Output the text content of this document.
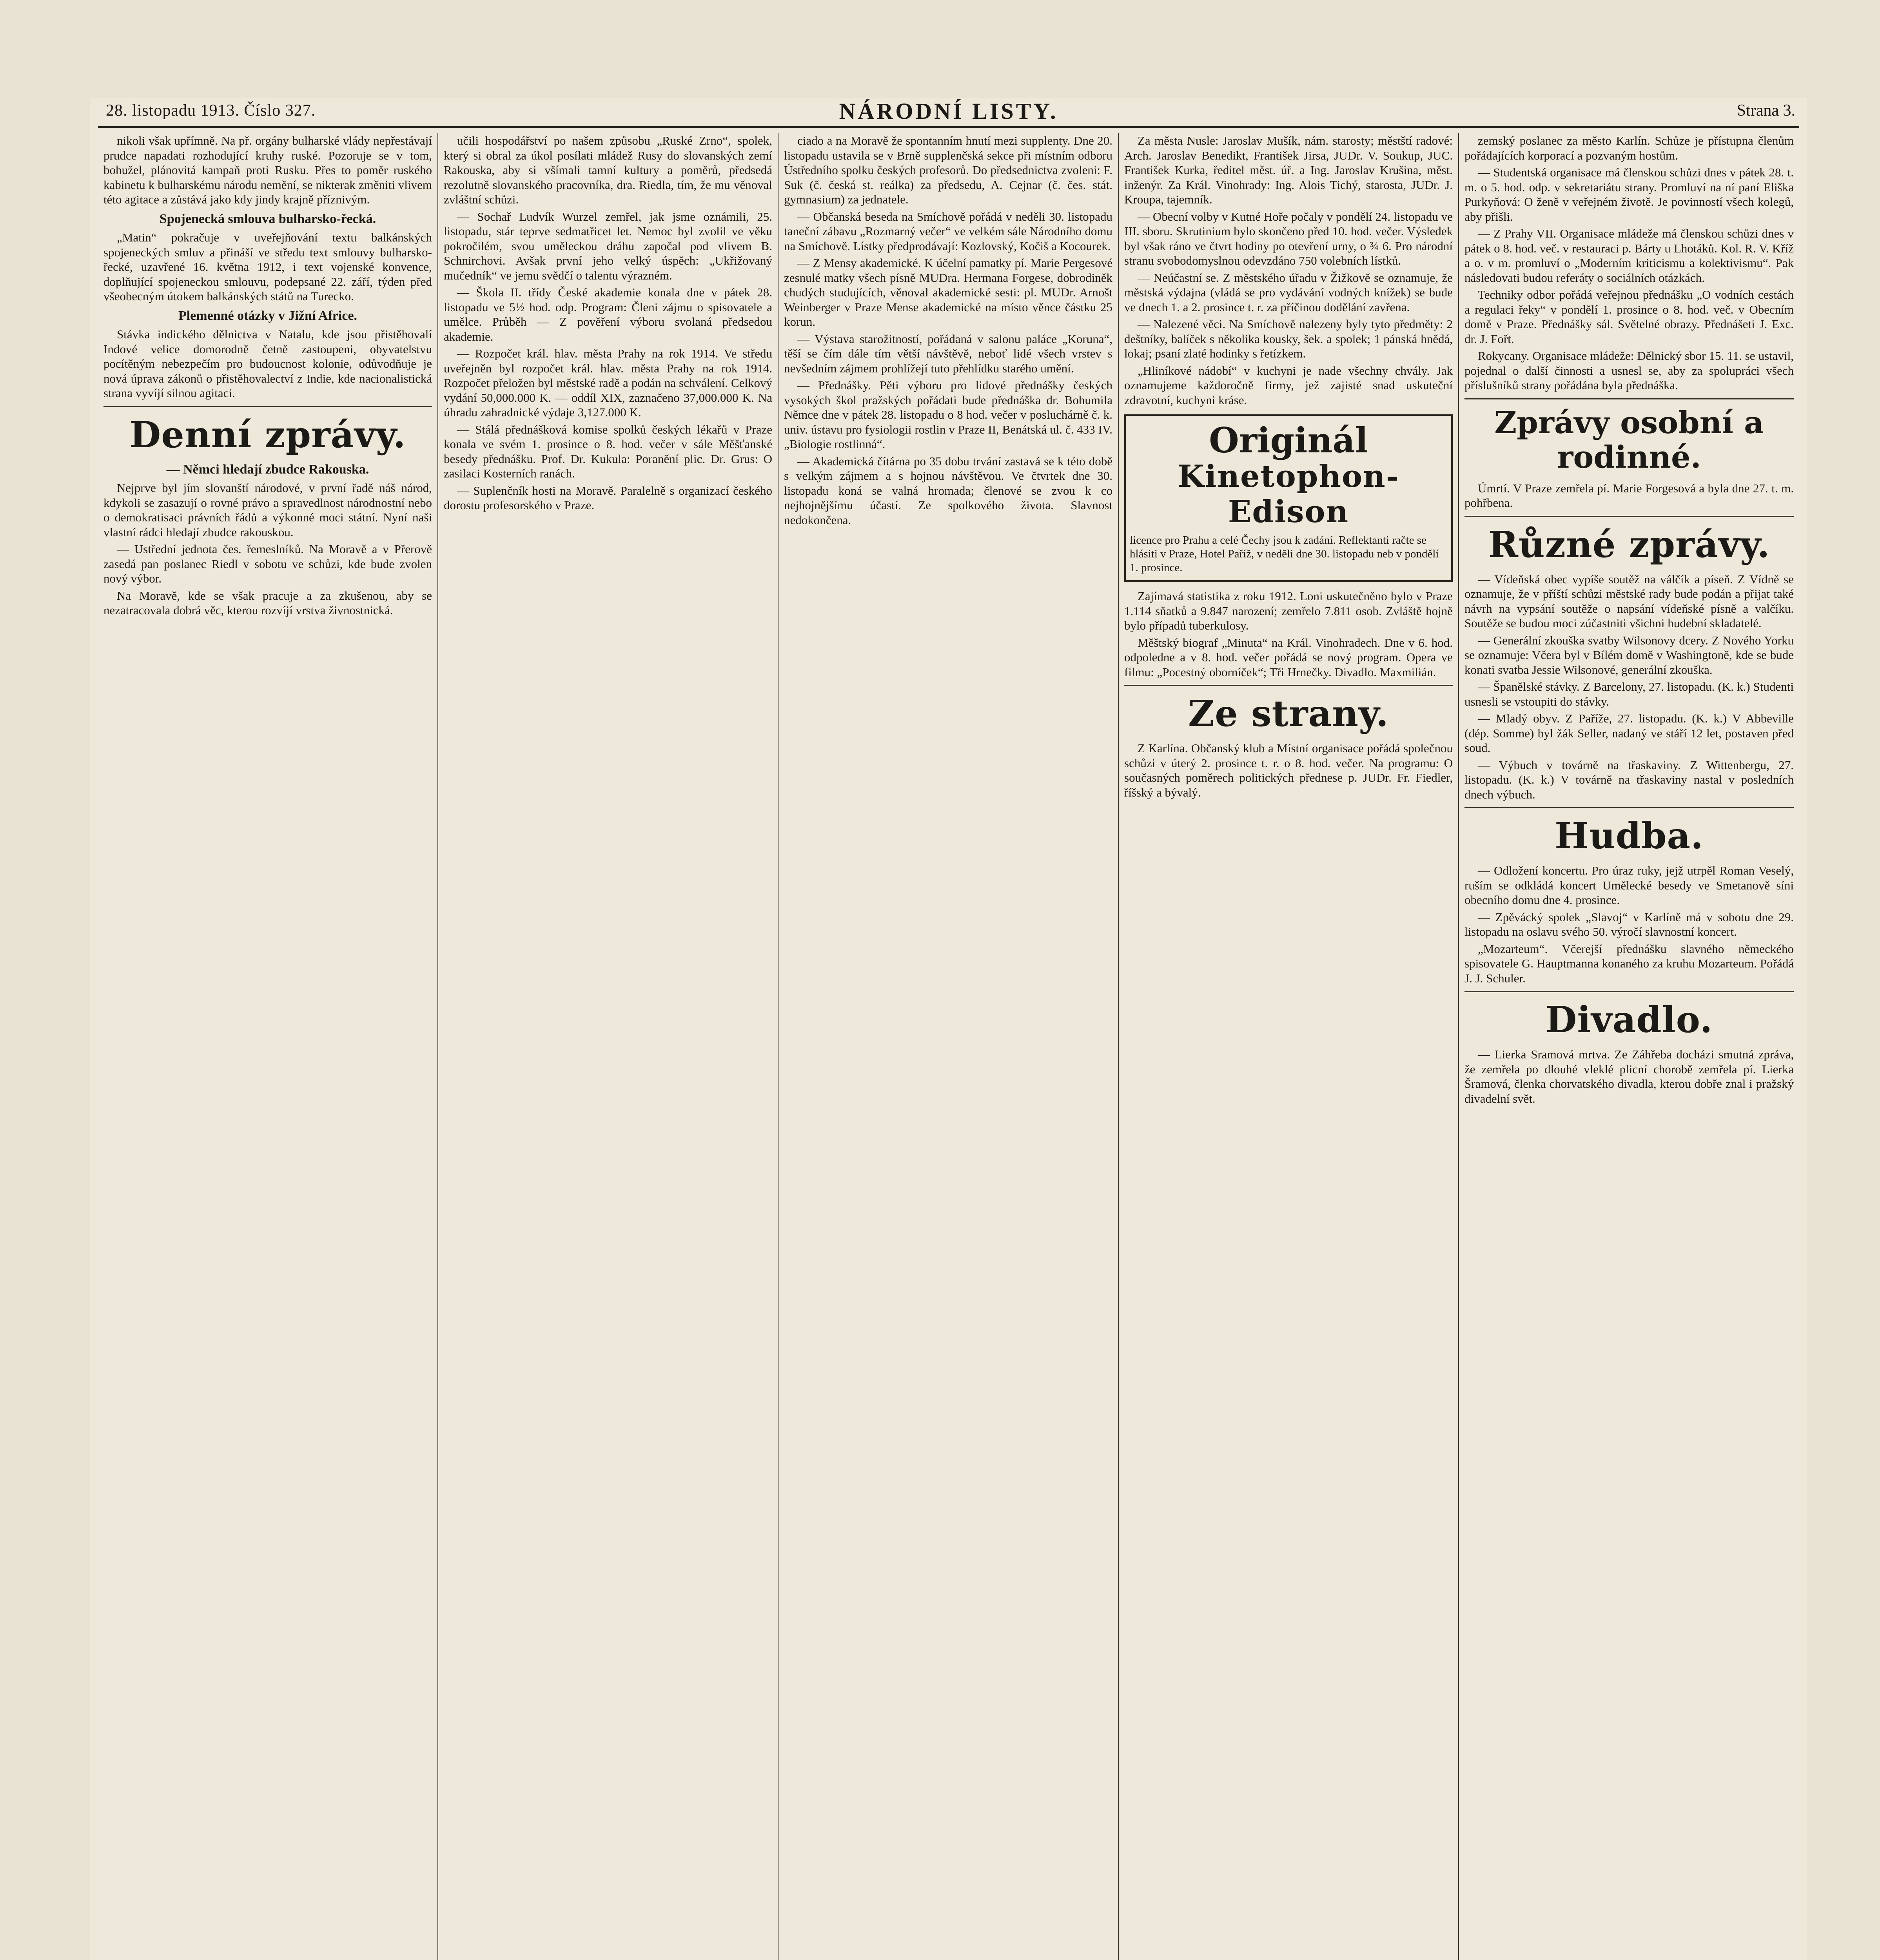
28. listopadu 1913. Číslo 327.	NÁRODNÍ LISTY.	Strana 3.

nikoli však upřímně. Na př. orgány bulharské vlády nepřestávají prudce napadati rozhodující kruhy ruské. Pozoruje se v tom, bohužel, plánovitá kampaň proti Rusku. Přes to poměr ruského kabinetu k bulharskému národu nemění, se nikterak změniti vlivem této agitace a zůstává jako kdy jindy krajně příznivým.

Spojenecká smlouva bulharsko-řecká.

„Matin“ pokračuje v uveřejňování textu balkánských spojeneckých smluv a přináší ve středu text smlouvy bulharsko-řecké, uzavřené 16. května 1912, i text vojenské konvence, doplňující spojeneckou smlouvu, podepsané 22. září, týden před všeobecným útokem balkánských států na Turecko.

Plemenné otázky v Jižní Africe.

Stávka indického dělnictva v Natalu, kde jsou přistěhovalí Indové velice domorodně četně zastoupeni, obyvatelstvu pocítěným nebezpečím pro budoucnost kolonie, odůvodňuje je nová úprava zákonů o přistěhovalectví z Indie, kde nacionalistická strana vyvíjí silnou agitaci.

Denní zprávy.
— Němci hledají zbudce Rakouska.

Nejprve byl jím slovanští národové, v první řadě náš národ, kdykoli se zasazují o rovné právo a spravedlnost národnostní nebo o demokratisaci právních řádů a výkonné moci státní. Nyní naši vlastní rádci hledají zbudce rakouskou.

— Ustřední jednota čes. řemeslníků. Na Moravě a v Přerově zasedá pan poslanec Riedl v sobotu ve schůzi, kde bude zvolen nový výbor.

Na Moravě, kde se však pracuje a za zkušenou, aby se nezatracovala dobrá věc, kterou rozvíjí vrstva živnostnická.

učili hospodářství po našem způsobu „Ruské Zrno“, spolek, který si obral za úkol posílati mládež Rusy do slovanských zemí Rakouska, aby si všímali tamní kultury a poměrů, předsedá rezolutně slovanského pracovníka, dra. Riedla, tím, že mu věnoval zvláštní schůzi.

— Sochař Ludvík Wurzel zemřel, jak jsme oznámili, 25. listopadu, stár teprve sedmatřicet let. Nemoc byl zvolil ve věku pokročilém, svou uměleckou dráhu započal pod vlivem B. Schnirchovi. Avšak první jeho velký úspěch: „Ukřižovaný mučedník“ ve jemu svědčí o talentu výrazném.

— Škola II. třídy České akademie konala dne v pátek 28. listopadu ve 5½ hod. odp. Program: Členi zájmu o spisovatele a umělce. Průběh — Z pověření výboru svolaná předsedou akademie.

— Rozpočet král. hlav. města Prahy na rok 1914. Ve středu uveřejněn byl rozpočet král. hlav. města Prahy na rok 1914. Rozpočet přeložen byl městské radě a podán na schválení. Celkový vydání 50,000.000 K. — oddíl XIX, zaznačeno 37,000.000 K. Na úhradu zahradnické výdaje 3,127.000 K.

— Stálá přednášková komise spolků českých lékařů v Praze konala ve svém 1. prosince o 8. hod. večer v sále Měšťanské besedy přednášku. Prof. Dr. Kukula: Poranění plic. Dr. Grus: O zasilaci Kosterních ranách.

— Suplenčník hosti na Moravě. Paralelně s organizací českého dorostu profesorského v Praze.

ciado a na Moravě že spontanním hnutí mezi supplenty. Dne 20. listopadu ustavila se v Brně supplenčská sekce při místním odboru Ústředního spolku českých profesorů. Do předsednictva zvoleni: F. Suk (č. česká st. reálka) za předsedu, A. Cejnar (č. čes. stát. gymnasium) za jednatele.

— Občanská beseda na Smíchově pořádá v neděli 30. listopadu taneční zábavu „Rozmarný večer“ ve velkém sále Národního domu na Smíchově. Lístky předprodávají: Kozlovský, Kočiš a Kocourek.

— Z Mensy akademické. K účelní pamatky pí. Marie Pergesové zesnulé matky všech písně MUDra. Hermana Forgese, dobrodiněk chudých studujících, věnoval akademické sesti: pl. MUDr. Arnošt Weinberger v Praze Mense akademické na místo věnce částku 25 korun.

— Výstava starožitností, pořádaná v salonu paláce „Koruna“, těší se čím dále tím větší návštěvě, neboť lidé všech vrstev s nevšedním zájmem prohlížejí tuto přehlídku starého umění.

— Přednášky. Pěti výboru pro lidové přednášky českých vysokých škol pražských pořádati bude přednáška dr. Bohumila Němce dne v pátek 28. listopadu o 8 hod. večer v posluchárně č. k. univ. ústavu pro fysiologii rostlin v Praze II, Benátská ul. č. 433 IV. „Biologie rostlinná“.

— Akademická čítárna po 35 dobu trvání zastavá se k této době s velkým zájmem a s hojnou návštěvou. Ve čtvrtek dne 30. listopadu koná se valná hromada; členové se zvou k co nejhojnějšímu účastí. Ze spolkového života. Slavnost nedokončena.

Za města Nusle: Jaroslav Mušík, nám. starosty; městští radové: Arch. Jaroslav Benedikt, František Jirsa, JUDr. V. Soukup, JUC. František Kurka, ředitel měst. úř. a Ing. Jaroslav Krušina, měst. inženýr. Za Král. Vinohrady: Ing. Alois Tichý, starosta, JUDr. J. Kroupa, tajemník.

— Obecní volby v Kutné Hoře počaly v pondělí 24. listopadu ve III. sboru. Skrutinium bylo skončeno před 10. hod. večer. Výsledek byl však ráno ve čtvrt hodiny po otevření urny, o ¾ 6. Pro národní stranu svobodomyslnou odevzdáno 750 volebních lístků.

— Neúčastní se. Z městského úřadu v Žižkově se oznamuje, že městská výdajna (vládá se pro vydávání vodných knížek) se bude ve dnech 1. a 2. prosince t. r. za příčinou dodělání zavřena.

— Nalezené věci. Na Smíchově nalezeny byly tyto předměty: 2 deštníky, balíček s několika kousky, šek. a spolek; 1 pánská hnědá, lokaj; psaní zlaté hodinky s řetízkem.

„Hliníkové nádobí“ v kuchyni je nade všechny chvály. Jak oznamujeme každoročně firmy, jež zajisté snad uskuteční zdravotní, kuchyni kráse.

Originál
Kinetophon-Edison
licence pro Prahu a celé Čechy jsou k zadání. Reflektanti račte se hlásiti v Praze, Hotel Paříž, v neděli dne 30. listopadu neb v pondělí 1. prosince.

Zajímavá statistika z roku 1912. Loni uskutečněno bylo v Praze 1.114 sňatků a 9.847 narození; zemřelo 7.811 osob. Zvláště hojně bylo případů tuberkulosy.

Měštský biograf „Minuta“ na Král. Vinohradech. Dne v 6. hod. odpoledne a v 8. hod. večer pořádá se nový program. Opera ve filmu: „Pocestný oborníček“; Tři Hrnečky. Divadlo. Maxmilián.

Ze strany.

Z Karlína. Občanský klub a Místní organisace pořádá společnou schůzi v úterý 2. prosince t. r. o 8. hod. večer. Na programu: O současných poměrech politických přednese p. JUDr. Fr. Fiedler, říšský a bývalý.

zemský poslanec za město Karlín. Schůze je přístupna členům pořádajících korporací a pozvaným hostům.

— Studentská organisace má členskou schůzi dnes v pátek 28. t. m. o 5. hod. odp. v sekretariátu strany. Promluví na ní paní Eliška Purkyňová: O ženě v veřejném životě. Je povinností všech kolegů, aby přišli.

— Z Prahy VII. Organisace mládeže má členskou schůzi dnes v pátek o 8. hod. več. v restauraci p. Bárty u Lhotáků. Kol. R. V. Kříž a o. v m. promluví o „Moderním kriticismu a kolektivismu“. Pak následovati budou referáty o sociálních otázkách.

Techniky odbor pořádá veřejnou přednášku „O vodních cestách a regulaci řeky“ v pondělí 1. prosince o 8. hod. več. v Obecním domě v Praze. Přednášky sál. Světelné obrazy. Přednášeti J. Exc. dr. J. Fořt.

Rokycany. Organisace mládeže: Dělnický sbor 15. 11. se ustavil, pojednal o další činnosti a usnesl se, aby za spolupráci všech příslušníků strany pořádána byla přednáška.

Zprávy osobní a rodinné.

Úmrtí. V Praze zemřela pí. Marie Forgesová a byla dne 27. t. m. pohřbena.

Různé zprávy.

— Vídeňská obec vypíše soutěž na válčík a píseň. Z Vídně se oznamuje, že v příští schůzi městské rady bude podán a přijat také návrh na vypsání soutěže o napsání vídeňské písně a valčíku. Soutěže se budou moci zúčastniti všichni hudební skladatelé.

— Generální zkouška svatby Wilsonovy dcery. Z Nového Yorku se oznamuje: Včera byl v Bílém domě v Washingtoně, kde se bude konati svatba Jessie Wilsonové, generální zkouška.

— Španělské stávky. Z Barcelony, 27. listopadu. (K. k.) Studenti usnesli se vstoupiti do stávky.

— Mladý obyv. Z Paříže, 27. listopadu. (K. k.) V Abbeville (dép. Somme) byl žák Seller, nadaný ve stáří 12 let, postaven před soud.

— Výbuch v továrně na třaskaviny. Z Wittenbergu, 27. listopadu. (K. k.) V továrně na třaskaviny nastal v posledních dnech výbuch.

Hudba.

— Odložení koncertu. Pro úraz ruky, jejž utrpěl Roman Veselý, ruším se odkládá koncert Umělecké besedy ve Smetanově síni obecního domu dne 4. prosince.

— Zpěvácký spolek „Slavoj“ v Karlíně má v sobotu dne 29. listopadu na oslavu svého 50. výročí slavnostní koncert.

„Mozarteum“. Včerejší přednášku slavného německého spisovatele G. Hauptmanna konaného za kruhu Mozarteum. Pořádá J. J. Schuler.

Divadlo.

— Lierka Sramová mrtva. Ze Záhřeba docházi smutná zpráva, že zemřela po dlouhé vleklé plicní chorobě zemřela pí. Lierka Šramová, členka chorvatského divadla, kterou dobře znal i pražský divadelní svět.
